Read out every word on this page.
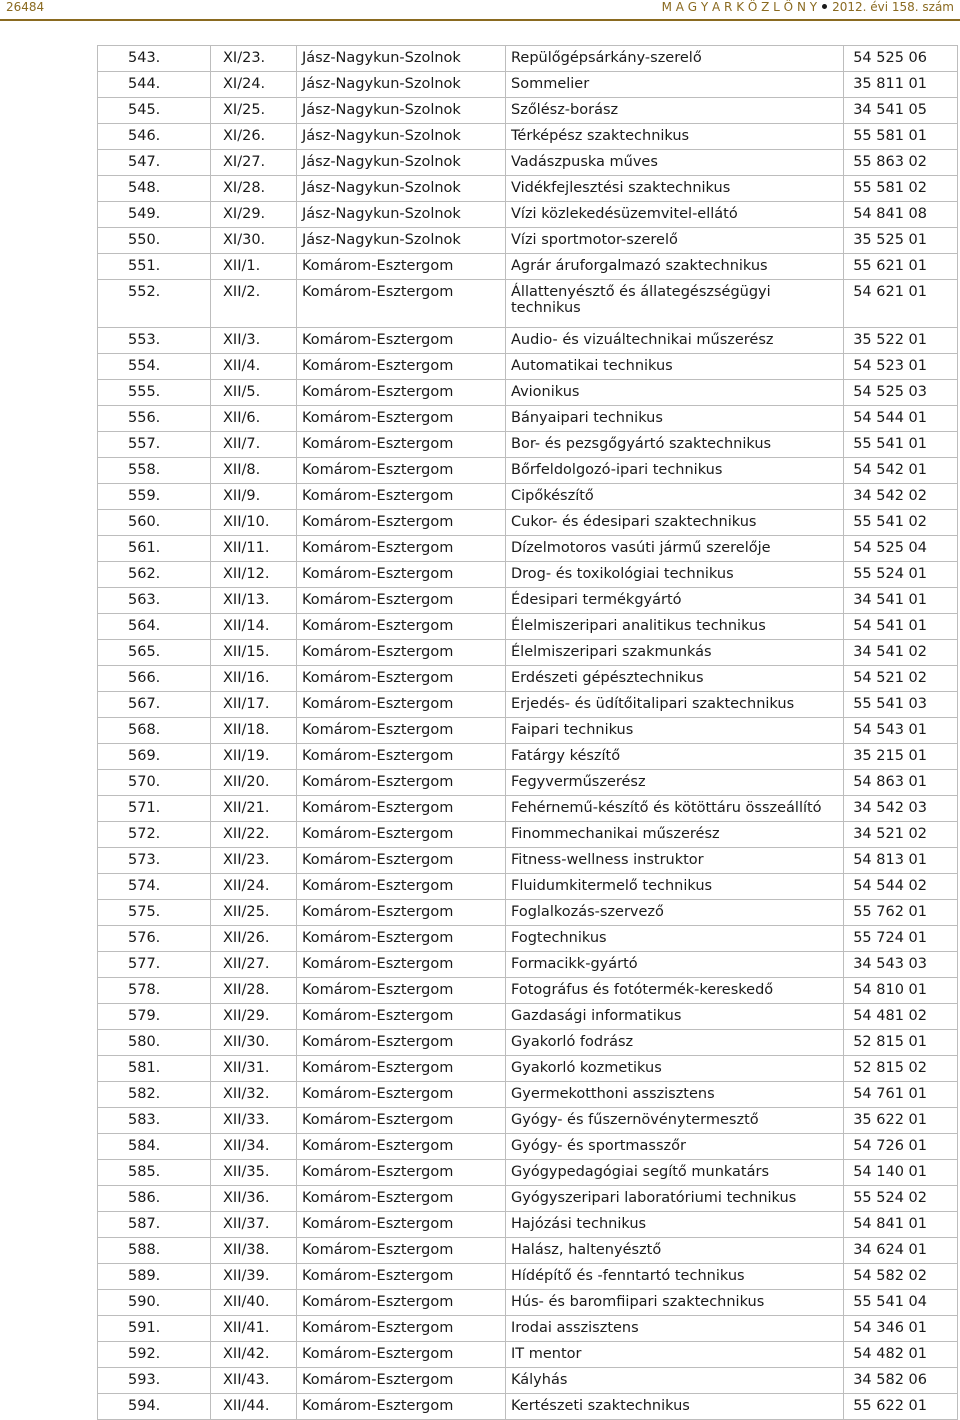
26484	M A G Y A R K Ö Z L Ö N Y 2012. évi 158. szám
543.	XI/23.	Jász-Nagykun-Szolnok	Repülőgépsárkány-szerelő	54 525 06
544.	XI/24.	Jász-Nagykun-Szolnok	Sommelier	35 811 01
545.	XI/25.	Jász-Nagykun-Szolnok	Szőlész-borász	34 541 05
546.	XI/26.	Jász-Nagykun-Szolnok	Térképész szaktechnikus	55 581 01
547.	XI/27.	Jász-Nagykun-Szolnok	Vadászpuska műves	55 863 02
548.	XI/28.	Jász-Nagykun-Szolnok	Vidékfejlesztési szaktechnikus	55 581 02
549.	XI/29.	Jász-Nagykun-Szolnok	Vízi közlekedésüzemvitel-ellátó	54 841 08
550.	XI/30.	Jász-Nagykun-Szolnok	Vízi sportmotor-szerelő	35 525 01
551.	XII/1.	Komárom-Esztergom	Agrár áruforgalmazó szaktechnikus	55 621 01
552.	XII/2.	Komárom-Esztergom	Állattenyésztő és állategészségügyi technikus	54 621 01
553.	XII/3.	Komárom-Esztergom	Audio- és vizuáltechnikai műszerész	35 522 01
554.	XII/4.	Komárom-Esztergom	Automatikai technikus	54 523 01
555.	XII/5.	Komárom-Esztergom	Avionikus	54 525 03
556.	XII/6.	Komárom-Esztergom	Bányaipari technikus	54 544 01
557.	XII/7.	Komárom-Esztergom	Bor- és pezsgőgyártó szaktechnikus	55 541 01
558.	XII/8.	Komárom-Esztergom	Bőrfeldolgozó-ipari technikus	54 542 01
559.	XII/9.	Komárom-Esztergom	Cipőkészítő	34 542 02
560.	XII/10.	Komárom-Esztergom	Cukor- és édesipari szaktechnikus	55 541 02
561.	XII/11.	Komárom-Esztergom	Dízelmotoros vasúti jármű szerelője	54 525 04
562.	XII/12.	Komárom-Esztergom	Drog- és toxikológiai technikus	55 524 01
563.	XII/13.	Komárom-Esztergom	Édesipari termékgyártó	34 541 01
564.	XII/14.	Komárom-Esztergom	Élelmiszeripari analitikus technikus	54 541 01
565.	XII/15.	Komárom-Esztergom	Élelmiszeripari szakmunkás	34 541 02
566.	XII/16.	Komárom-Esztergom	Erdészeti gépésztechnikus	54 521 02
567.	XII/17.	Komárom-Esztergom	Erjedés- és üdítőitalipari szaktechnikus	55 541 03
568.	XII/18.	Komárom-Esztergom	Faipari technikus	54 543 01
569.	XII/19.	Komárom-Esztergom	Fatárgy készítő	35 215 01
570.	XII/20.	Komárom-Esztergom	Fegyverműszerész	54 863 01
571.	XII/21.	Komárom-Esztergom	Fehérnemű-készítő és kötöttáru összeállító	34 542 03
572.	XII/22.	Komárom-Esztergom	Finommechanikai műszerész	34 521 02
573.	XII/23.	Komárom-Esztergom	Fitness-wellness instruktor	54 813 01
574.	XII/24.	Komárom-Esztergom	Fluidumkitermelő technikus	54 544 02
575.	XII/25.	Komárom-Esztergom	Foglalkozás-szervező	55 762 01
576.	XII/26.	Komárom-Esztergom	Fogtechnikus	55 724 01
577.	XII/27.	Komárom-Esztergom	Formacikk-gyártó	34 543 03
578.	XII/28.	Komárom-Esztergom	Fotográfus és fotótermék-kereskedő	54 810 01
579.	XII/29.	Komárom-Esztergom	Gazdasági informatikus	54 481 02
580.	XII/30.	Komárom-Esztergom	Gyakorló fodrász	52 815 01
581.	XII/31.	Komárom-Esztergom	Gyakorló kozmetikus	52 815 02
582.	XII/32.	Komárom-Esztergom	Gyermekotthoni asszisztens	54 761 01
583.	XII/33.	Komárom-Esztergom	Gyógy- és fűszernövénytermesztő	35 622 01
584.	XII/34.	Komárom-Esztergom	Gyógy- és sportmasszőr	54 726 01
585.	XII/35.	Komárom-Esztergom	Gyógypedagógiai segítő munkatárs	54 140 01
586.	XII/36.	Komárom-Esztergom	Gyógyszeripari laboratóriumi technikus	55 524 02
587.	XII/37.	Komárom-Esztergom	Hajózási technikus	54 841 01
588.	XII/38.	Komárom-Esztergom	Halász, haltenyésztő	34 624 01
589.	XII/39.	Komárom-Esztergom	Hídépítő és -fenntartó technikus	54 582 02
590.	XII/40.	Komárom-Esztergom	Hús- és baromfiipari szaktechnikus	55 541 04
591.	XII/41.	Komárom-Esztergom	Irodai asszisztens	54 346 01
592.	XII/42.	Komárom-Esztergom	IT mentor	54 482 01
593.	XII/43.	Komárom-Esztergom	Kályhás	34 582 06
594.	XII/44.	Komárom-Esztergom	Kertészeti szaktechnikus	55 622 01
